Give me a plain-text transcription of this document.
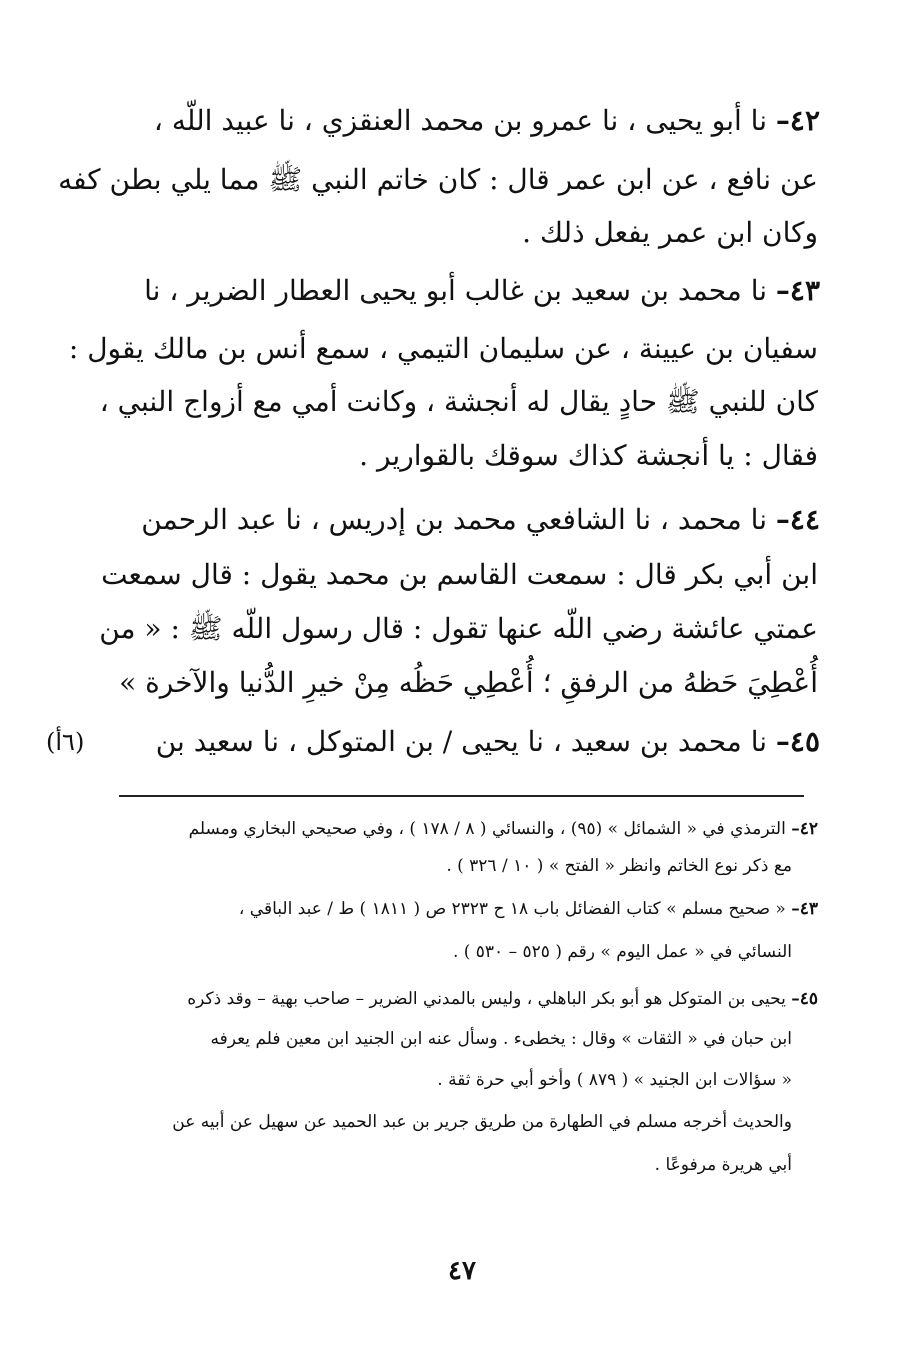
٤٢– نا أبو يحيى ، نا عمرو بن محمد العنقزي ، نا عبيد اللّه ،
عن نافع ، عن ابن عمر قال : كان خاتم النبي ﷺ مما يلي بطن كفه
وكان ابن عمر يفعل ذلك .
٤٣– نا محمد بن سعيد بن غالب أبو يحيى العطار الضرير ، نا
سفيان بن عيينة ، عن سليمان التيمي ، سمع أنس بن مالك يقول :
كان للنبي ﷺ حادٍ يقال له أنجشة ، وكانت أمي مع أزواج النبي ،
فقال : يا أنجشة كذاك سوقك بالقوارير .
٤٤– نا محمد ، نا الشافعي محمد بن إدريس ، نا عبد الرحمن
ابن أبي بكر قال : سمعت القاسم بن محمد يقول : قال سمعت
عمتي عائشة رضي اللّه عنها تقول : قال رسول اللّه ﷺ : « من
أُعْطِيَ حَظهُ من الرفقِ ؛ أُعْطِي حَظُه مِنْ خيرِ الدُّنيا والآخرة »
٤٥– نا محمد بن سعيد ، نا يحيى / بن المتوكل ، نا سعيد بن
(٦أ)
٤٢– الترمذي في « الشمائل » (٩٥) ، والنسائي ( ٨ / ١٧٨ ) ، وفي صحيحي البخاري ومسلم
مع ذكر نوع الخاتم وانظر « الفتح » ( ١٠ / ٣٢٦ ) .
٤٣– « صحيح مسلم » كتاب الفضائل باب ١٨ ح ٢٣٢٣ ص ( ١٨١١ ) ط / عبد الباقي ،
النسائي في « عمل اليوم » رقم ( ٥٢٥ – ٥٣٠ ) .
٤٥– يحيى بن المتوكل هو أبو بكر الباهلي ، وليس بالمدني الضرير – صاحب بهية – وقد ذكره
ابن حبان في « الثقات » وقال : يخطىء . وسأل عنه ابن الجنيد ابن معين فلم يعرفه
« سؤالات ابن الجنيد » ( ٨٧٩ ) وأخو أبي حرة ثقة .
والحديث أخرجه مسلم في الطهارة من طريق جرير بن عبد الحميد عن سهيل عن أبيه عن
أبي هريرة مرفوعًا .
٤٧
